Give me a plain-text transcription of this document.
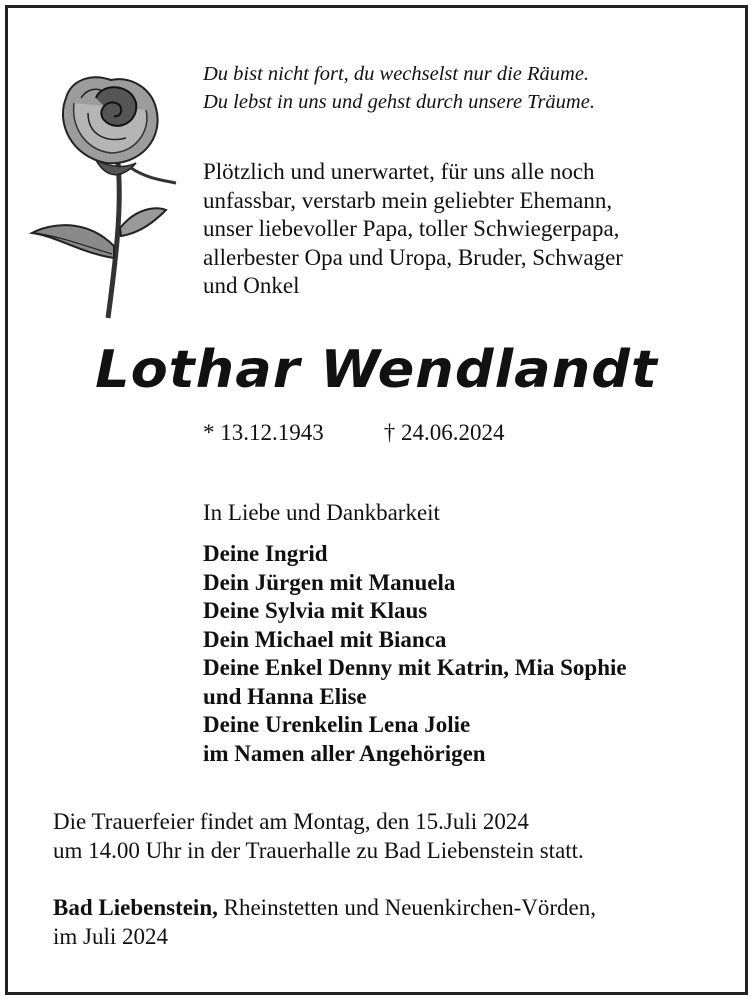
Du bist nicht fort, du wechselst nur die Räume.
Du lebst in uns und gehst durch unsere Träume.
Plötzlich und unerwartet, für uns alle noch
unfassbar, verstarb mein geliebter Ehemann,
unser liebevoller Papa, toller Schwiegerpapa,
allerbester Opa und Uropa, Bruder, Schwager
und Onkel
Lothar Wendlandt
* 13.12.1943	† 24.06.2024
In Liebe und Dankbarkeit
Deine Ingrid
Dein Jürgen mit Manuela
Deine Sylvia mit Klaus
Dein Michael mit Bianca
Deine Enkel Denny mit Katrin, Mia Sophie
und Hanna Elise
Deine Urenkelin Lena Jolie
im Namen aller Angehörigen
Die Trauerfeier findet am Montag, den 15.Juli 2024
um 14.00 Uhr in der Trauerhalle zu Bad Liebenstein statt.
Bad Liebenstein, Rheinstetten und Neuenkirchen-Vörden,
im Juli 2024
